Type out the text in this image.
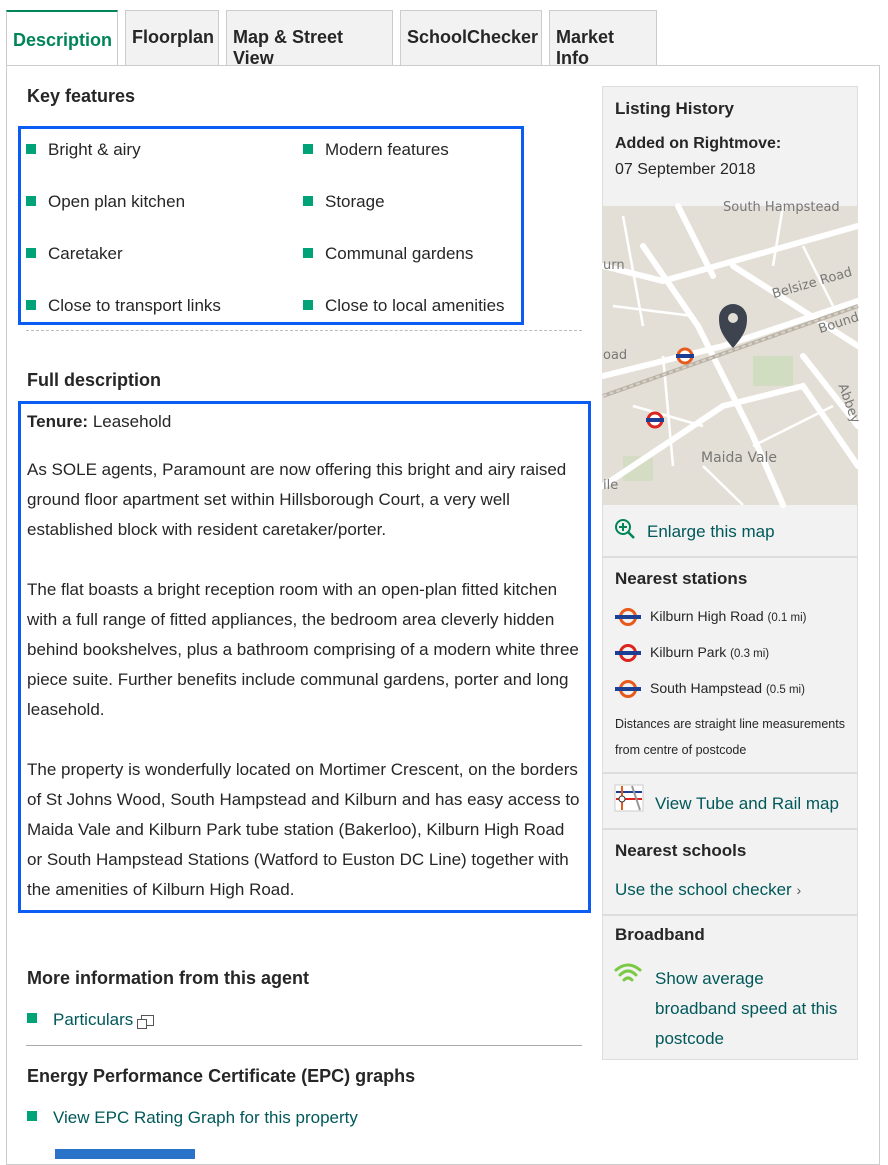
Description	Floorplan	Map & Street View
SchoolChecker Market Info
Key features
Bright & airy	Modern features
Open plan kitchen	Storage
Caretaker	Communal gardens
Close to transport links	Close to local amenities
Full description
Tenure: Leasehold
As SOLE agents, Paramount are now offering this bright and airy raised ground floor apartment set within Hillsborough Court, a very well established block with resident caretaker/porter.
The flat boasts a bright reception room with an open-plan fitted kitchen with a full range of fitted appliances, the bedroom area cleverly hidden behind bookshelves, plus a bathroom comprising of a modern white three piece suite. Further benefits include communal gardens, porter and long leasehold.
The property is wonderfully located on Mortimer Crescent, on the borders of St Johns Wood, South Hampstead and Kilburn and has easy access to Maida Vale and Kilburn Park tube station (Bakerloo), Kilburn High Road or South Hampstead Stations (Watford to Euston DC Line) together with the amenities of Kilburn High Road.
More information from this agent
Particulars
Energy Performance Certificate (EPC) graphs
View EPC Rating Graph for this property
Listing History
Added on Rightmove:
07 September 2018
South Hampstead
Belsize Road
Bound
Maida Vale
Abbey
oad
urn
ile
Enlarge this map
Nearest stations
Kilburn High Road (0.1 mi)
Kilburn Park (0.3 mi)
South Hampstead (0.5 mi)
Distances are straight line measurements from centre of postcode
View Tube and Rail map
Nearest schools
Use the school checker ›
Broadband
Show average broadband speed at this postcode
